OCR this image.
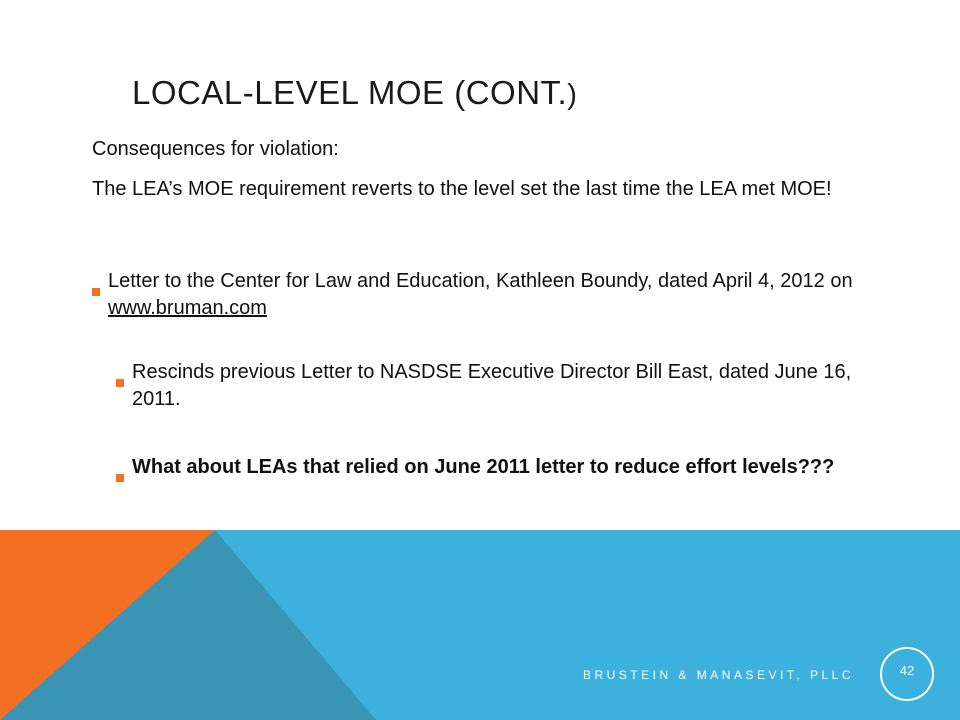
LOCAL-LEVEL MOE (CONT.)
Consequences for violation:
The LEA’s MOE requirement reverts to the level set the last time the LEA met MOE!
Letter to the Center for Law and Education, Kathleen Boundy, dated April 4, 2012 on www.bruman.com
Rescinds previous Letter to NASDSE Executive Director Bill East, dated June 16, 2011.
What about LEAs that relied on June 2011 letter to reduce effort levels???
BRUSTEIN & MANASEVIT, PLLC	42
